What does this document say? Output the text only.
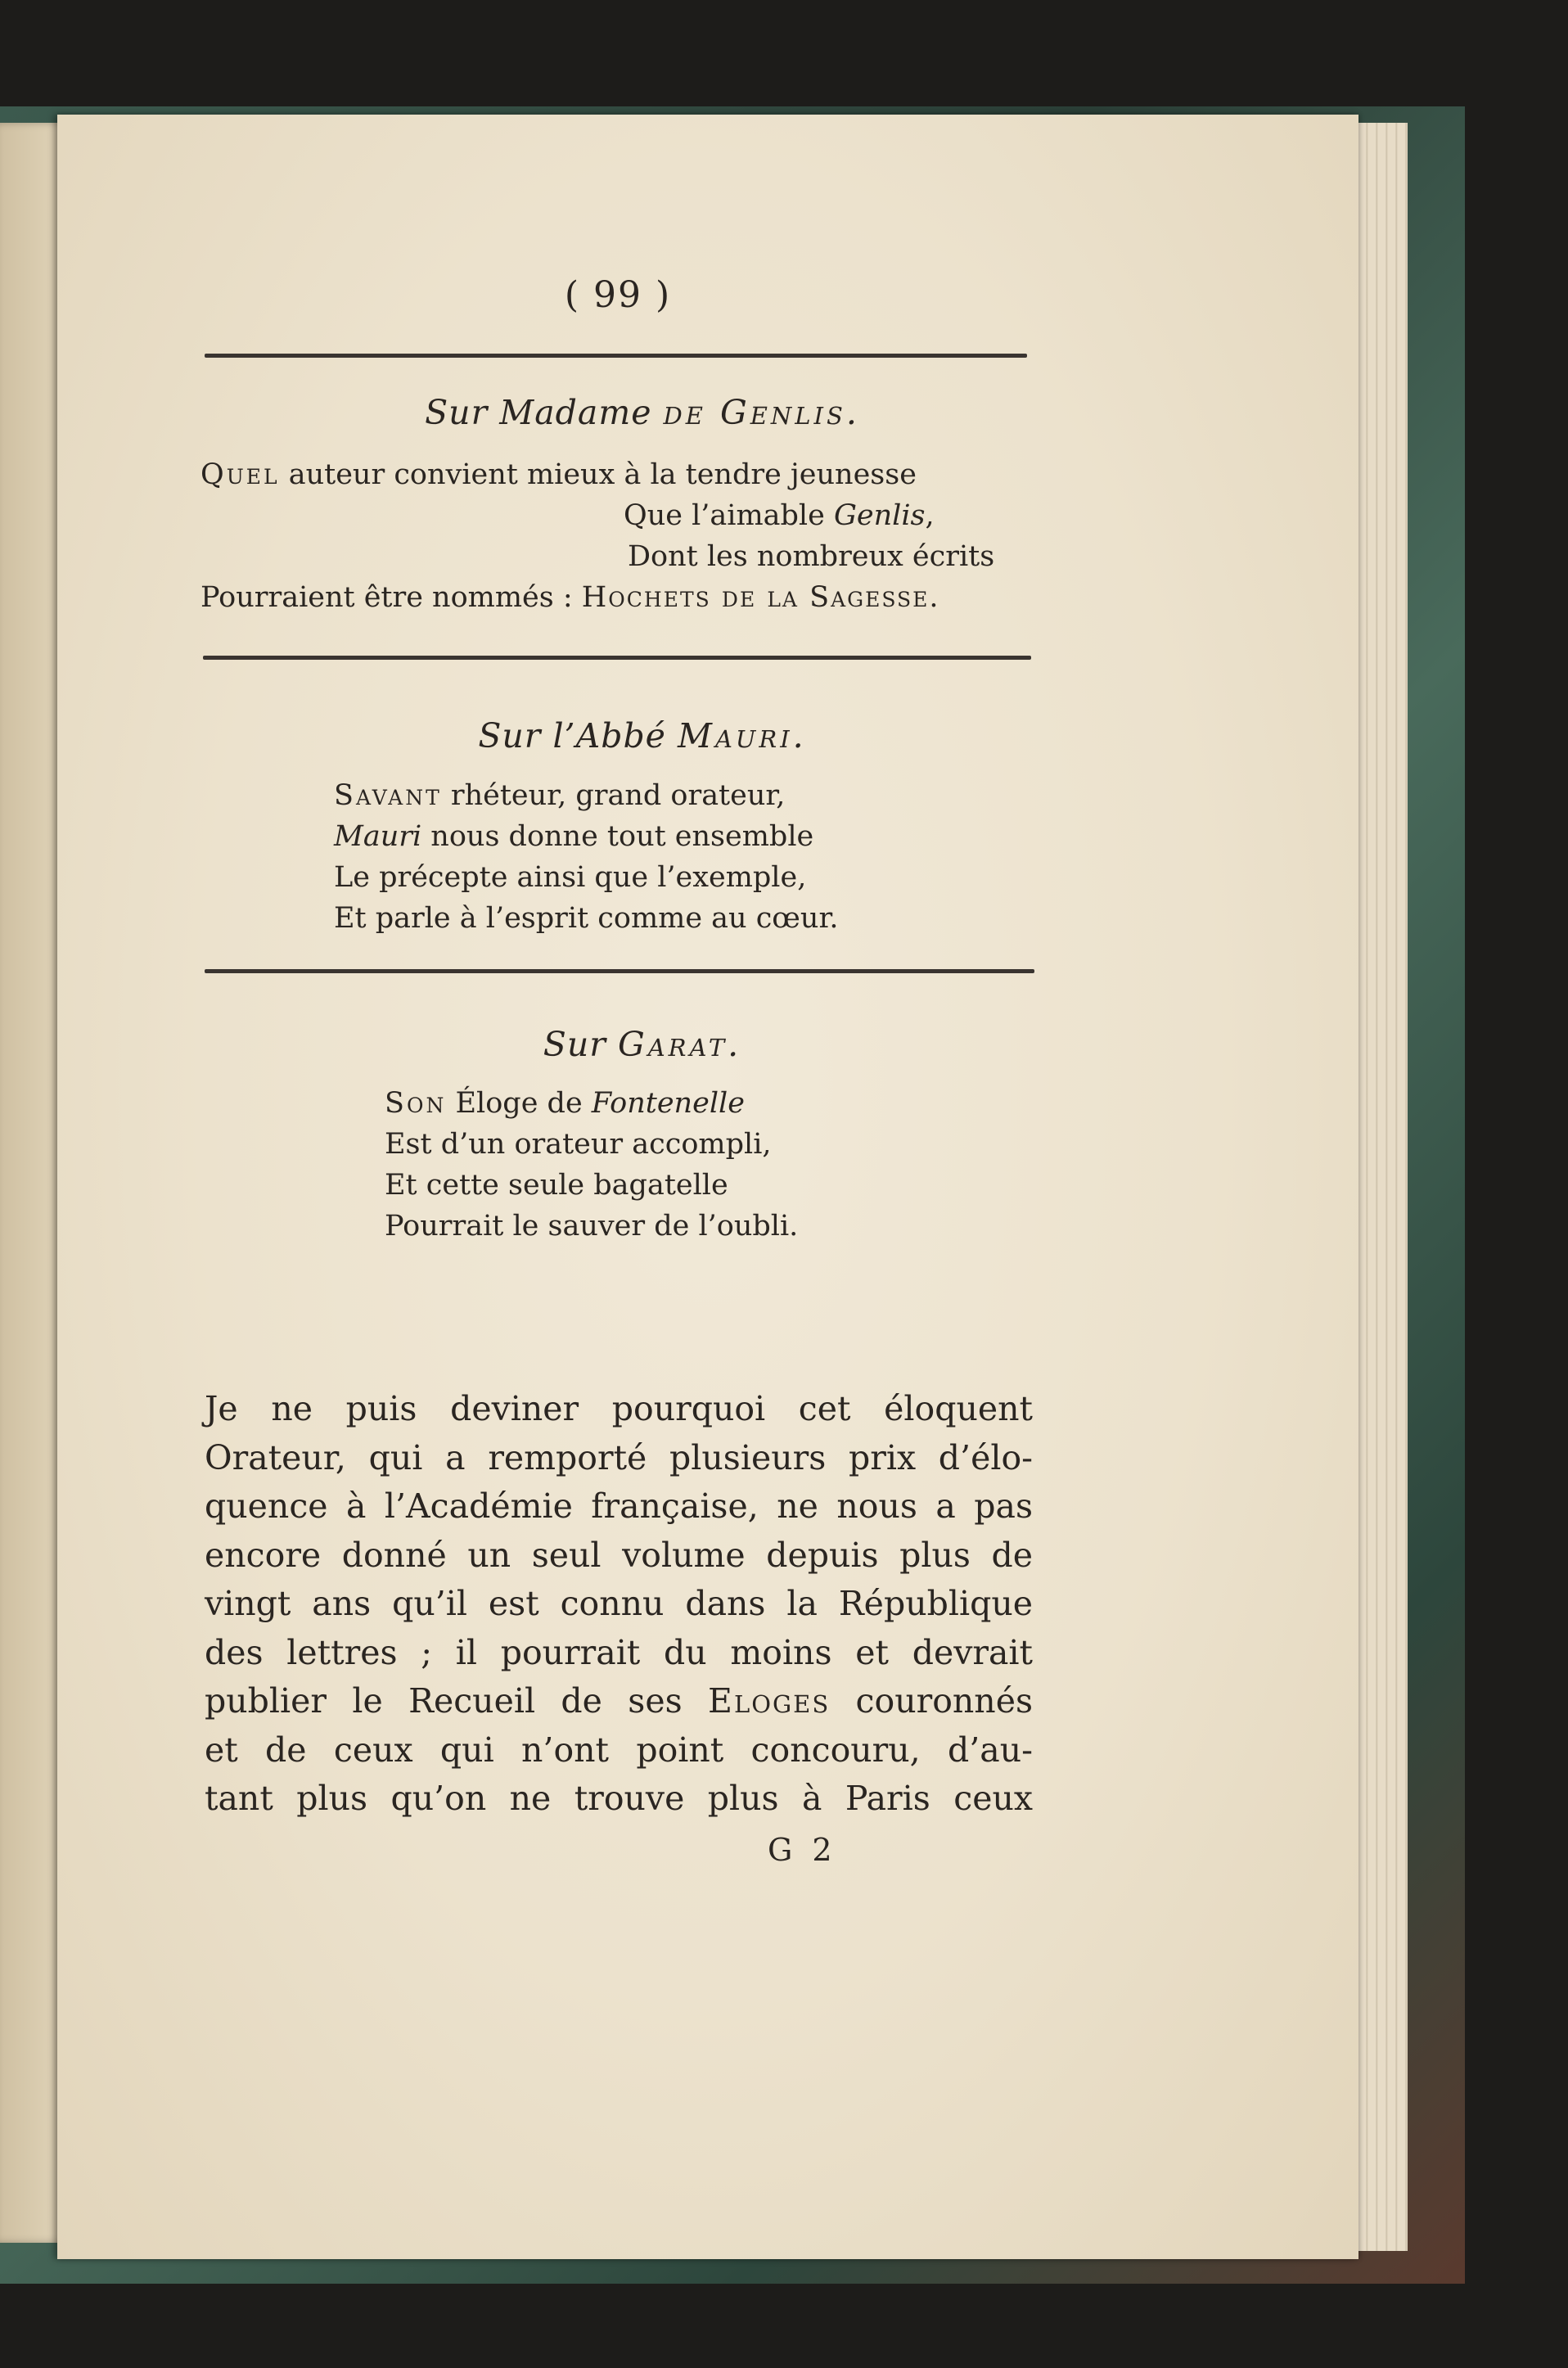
( 99 )
Sur Madame de Genlis.
Quel auteur convient mieux à la tendre jeunesse
Que l’aimable Genlis,
Dont les nombreux écrits
Pourraient être nommés : Hochets de la Sagesse.
Sur l’Abbé Mauri.
Savant rhéteur, grand orateur,
Mauri nous donne tout ensemble
Le précepte ainsi que l’exemple,
Et parle à l’esprit comme au cœur.
Sur Garat.
Son Éloge de Fontenelle
Est d’un orateur accompli,
Et cette seule bagatelle
Pourrait le sauver de l’oubli.
Je ne puis deviner pourquoi cet éloquent
Orateur, qui a remporté plusieurs prix d’élo-
quence à l’Académie française, ne nous a pas
encore donné un seul volume depuis plus de
vingt ans qu’il est connu dans la République
des lettres ; il pourrait du moins et devrait
publier le Recueil de ses Eloges couronnés
et de ceux qui n’ont point concouru, d’au-
tant plus qu’on ne trouve plus à Paris ceux
G 2
